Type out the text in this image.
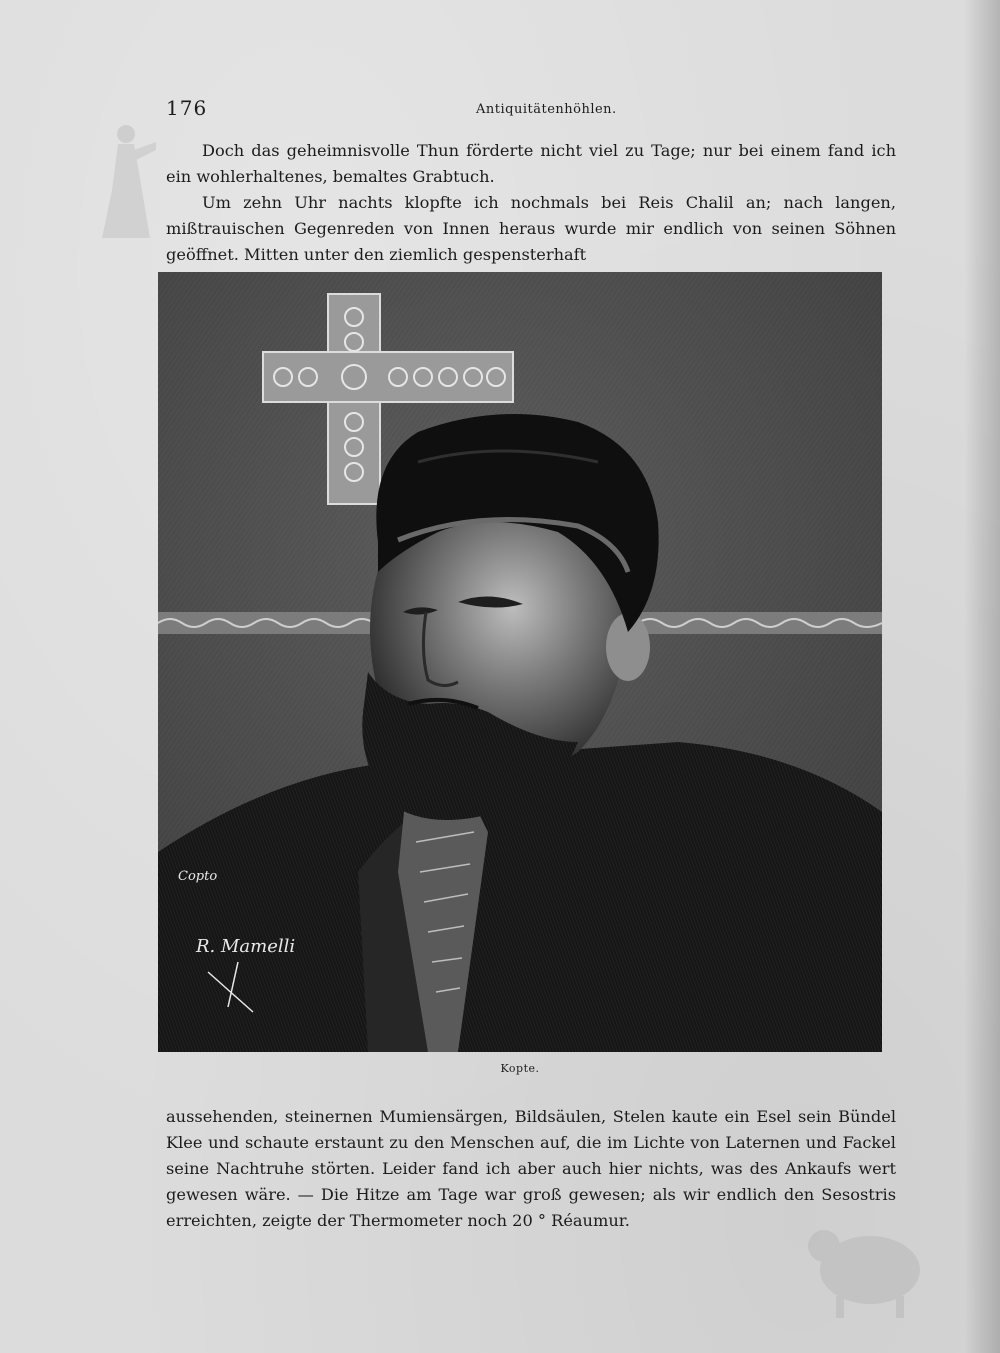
176	Antiquitätenhöhlen.

Doch das geheimnisvolle Thun förderte nicht viel zu Tage; nur bei einem fand ich ein wohlerhaltenes, bemaltes Grabtuch.

Um zehn Uhr nachts klopfte ich nochmals bei Reis Chalil an; nach langen, mißtrauischen Gegenreden von Innen heraus wurde mir endlich von seinen Söhnen geöffnet. Mitten unter den ziemlich gespensterhaft

Copto
R. Mamelli
Kopte.

aussehenden, steinernen Mumiensärgen, Bildsäulen, Stelen kaute ein Esel sein Bündel Klee und schaute erstaunt zu den Menschen auf, die im Lichte von Laternen und Fackel seine Nachtruhe störten. Leider fand ich aber auch hier nichts, was des Ankaufs wert gewesen wäre. — Die Hitze am Tage war groß gewesen; als wir endlich den Sesostris erreichten, zeigte der Thermometer noch 20 ° Réaumur.
